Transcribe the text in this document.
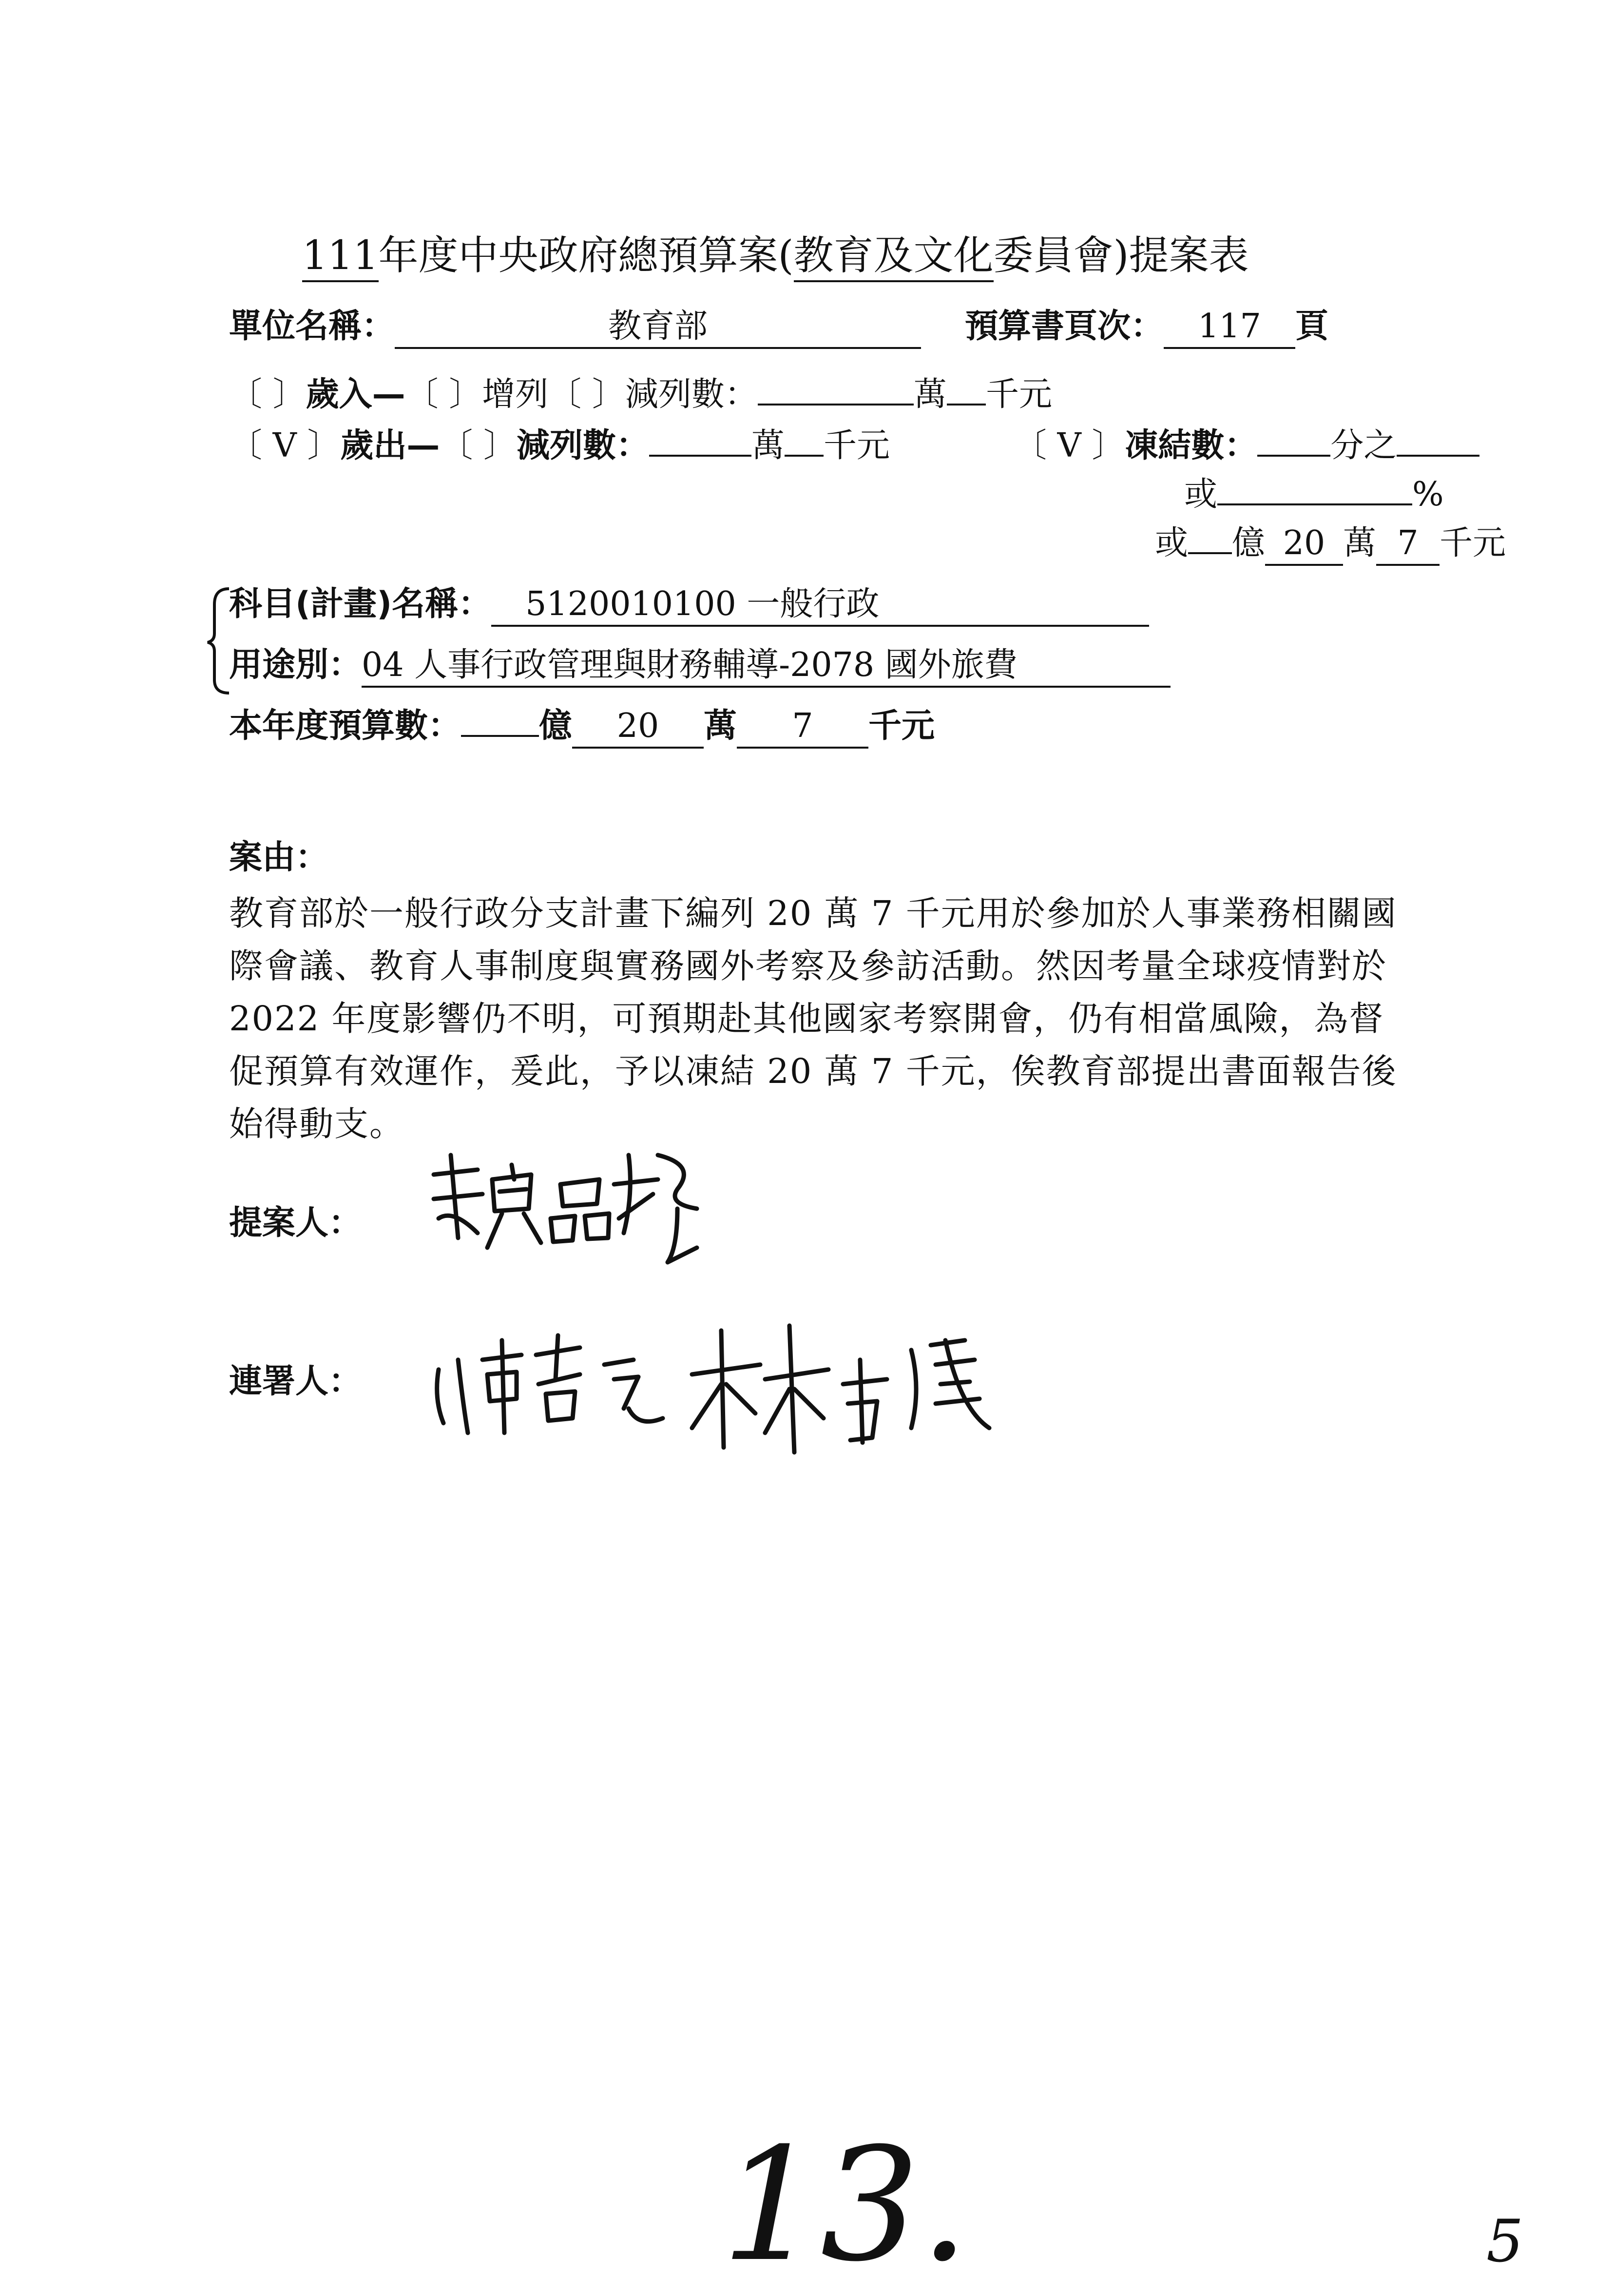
111年度中央政府總預算案(教育及文化委員會)提案表
單位名稱：	教育部	預算書頁次： 117 頁
〔 〕歲入—〔 〕增列〔 〕減列數：	萬 千元
〔 V 〕歲出—〔 〕減列數：	萬 千元	〔 V 〕凍結數： 分之
或	%
或 億 20 萬 7 千元
科目(計畫)名稱： 5120010100 一般行政
用途別：04 人事行政管理與財務輔導-2078 國外旅費
本年度預算數： 億 20 萬 7 千元
案由：
教育部於一般行政分支計畫下編列 20 萬 7 千元用於參加於人事業務相關國際會議、教育人事制度與實務國外考察及參訪活動。然因考量全球疫情對於 2022 年度影響仍不明，可預期赴其他國家考察開會，仍有相當風險，為督促預算有效運作，爰此，予以凍結 20 萬 7 千元，俟教育部提出書面報告後始得動支。
提案人：
連署人：
13.	5
